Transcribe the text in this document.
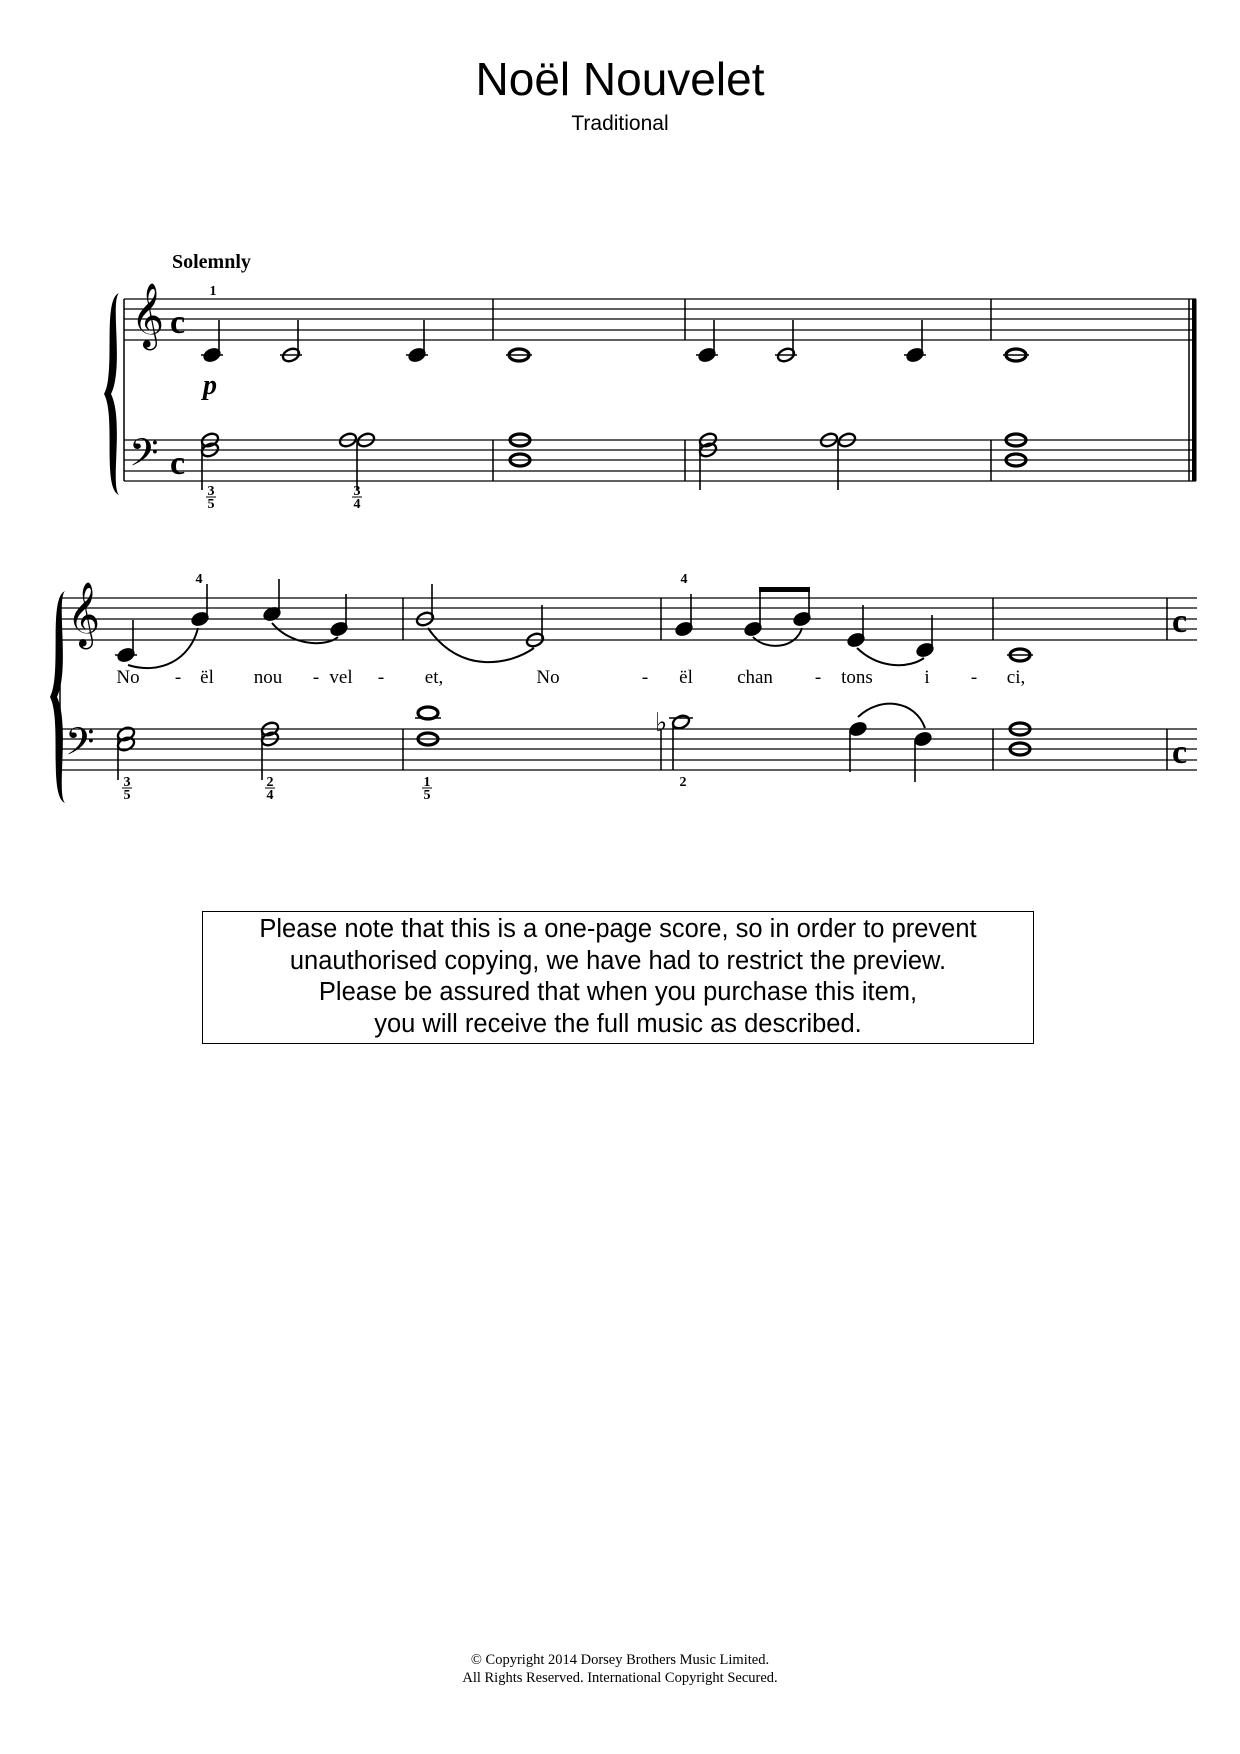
Noël Nouvelet
Traditional
Solemnly
𝄞
𝄢
c
c
p
𝄞
𝄢
c
c
♭
1
4	4
3
5
3
4
3
5
2
4
1
5
2
No - ël nou - vel - et,	No	- ël chan - tons	i - ci,
Please note that this is a one-page score, so in order to prevent
unauthorised copying, we have had to restrict the preview.
Please be assured that when you purchase this item,
you will receive the full music as described.
© Copyright 2014 Dorsey Brothers Music Limited.
All Rights Reserved. International Copyright Secured.
